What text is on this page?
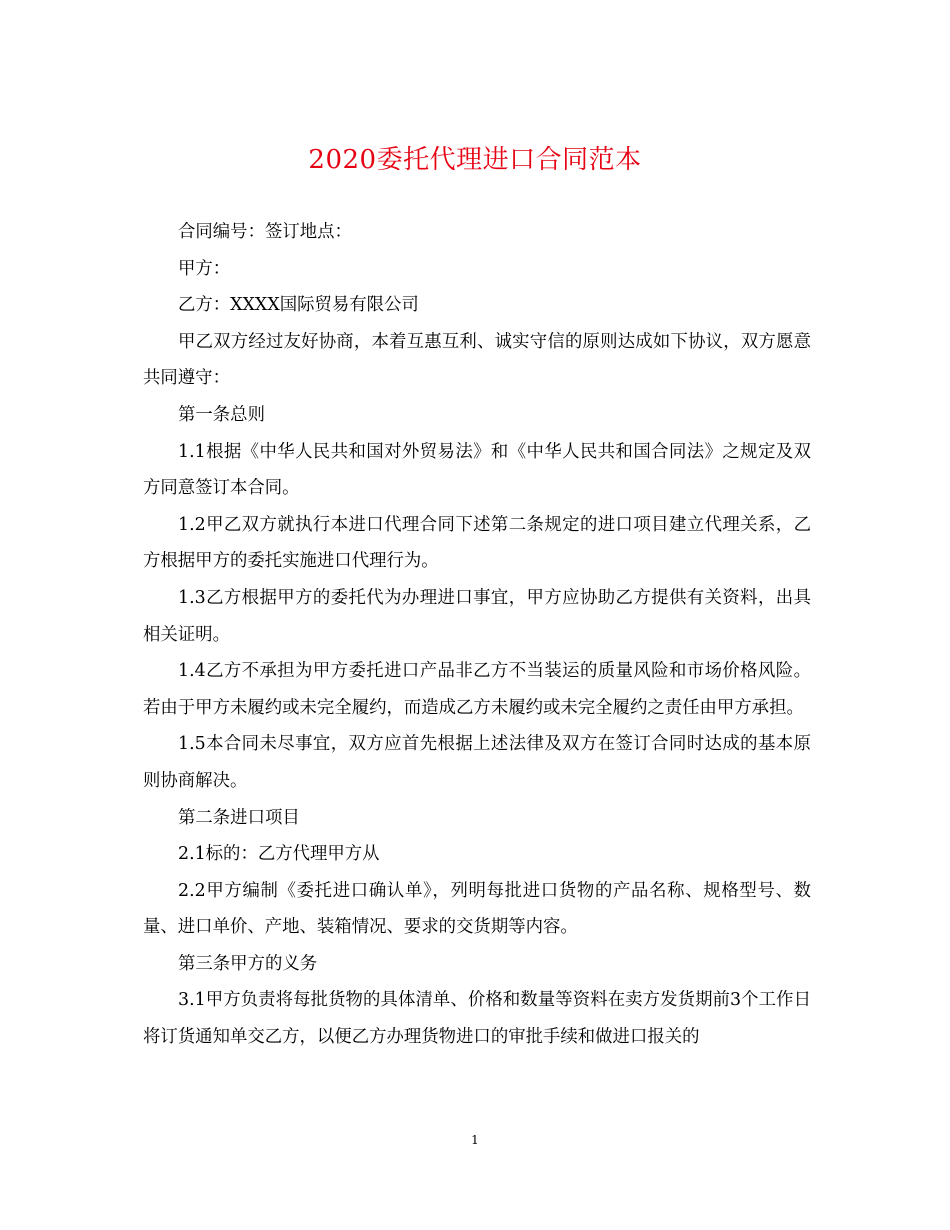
2020委托代理进口合同范本

合同编号：签订地点：

甲方：

乙方：XXXX国际贸易有限公司

甲乙双方经过友好协商，本着互惠互利、诚实守信的原则达成如下协议，双方愿意共同遵守：

第一条总则

1.1根据《中华人民共和国对外贸易法》和《中华人民共和国合同法》之规定及双方同意签订本合同。

1.2甲乙双方就执行本进口代理合同下述第二条规定的进口项目建立代理关系，乙方根据甲方的委托实施进口代理行为。

1.3乙方根据甲方的委托代为办理进口事宜，甲方应协助乙方提供有关资料，出具相关证明。

1.4乙方不承担为甲方委托进口产品非乙方不当装运的质量风险和市场价格风险。若由于甲方未履约或未完全履约，而造成乙方未履约或未完全履约之责任由甲方承担。

1.5本合同未尽事宜，双方应首先根据上述法律及双方在签订合同时达成的基本原则协商解决。

第二条进口项目

2.1标的：乙方代理甲方从

2.2甲方编制《委托进口确认单》，列明每批进口货物的产品名称、规格型号、数量、进口单价、产地、装箱情况、要求的交货期等内容。

第三条甲方的义务

3.1甲方负责将每批货物的具体清单、价格和数量等资料在卖方发货期前3个工作日将订货通知单交乙方，以便乙方办理货物进口的审批手续和做进口报关的

1
